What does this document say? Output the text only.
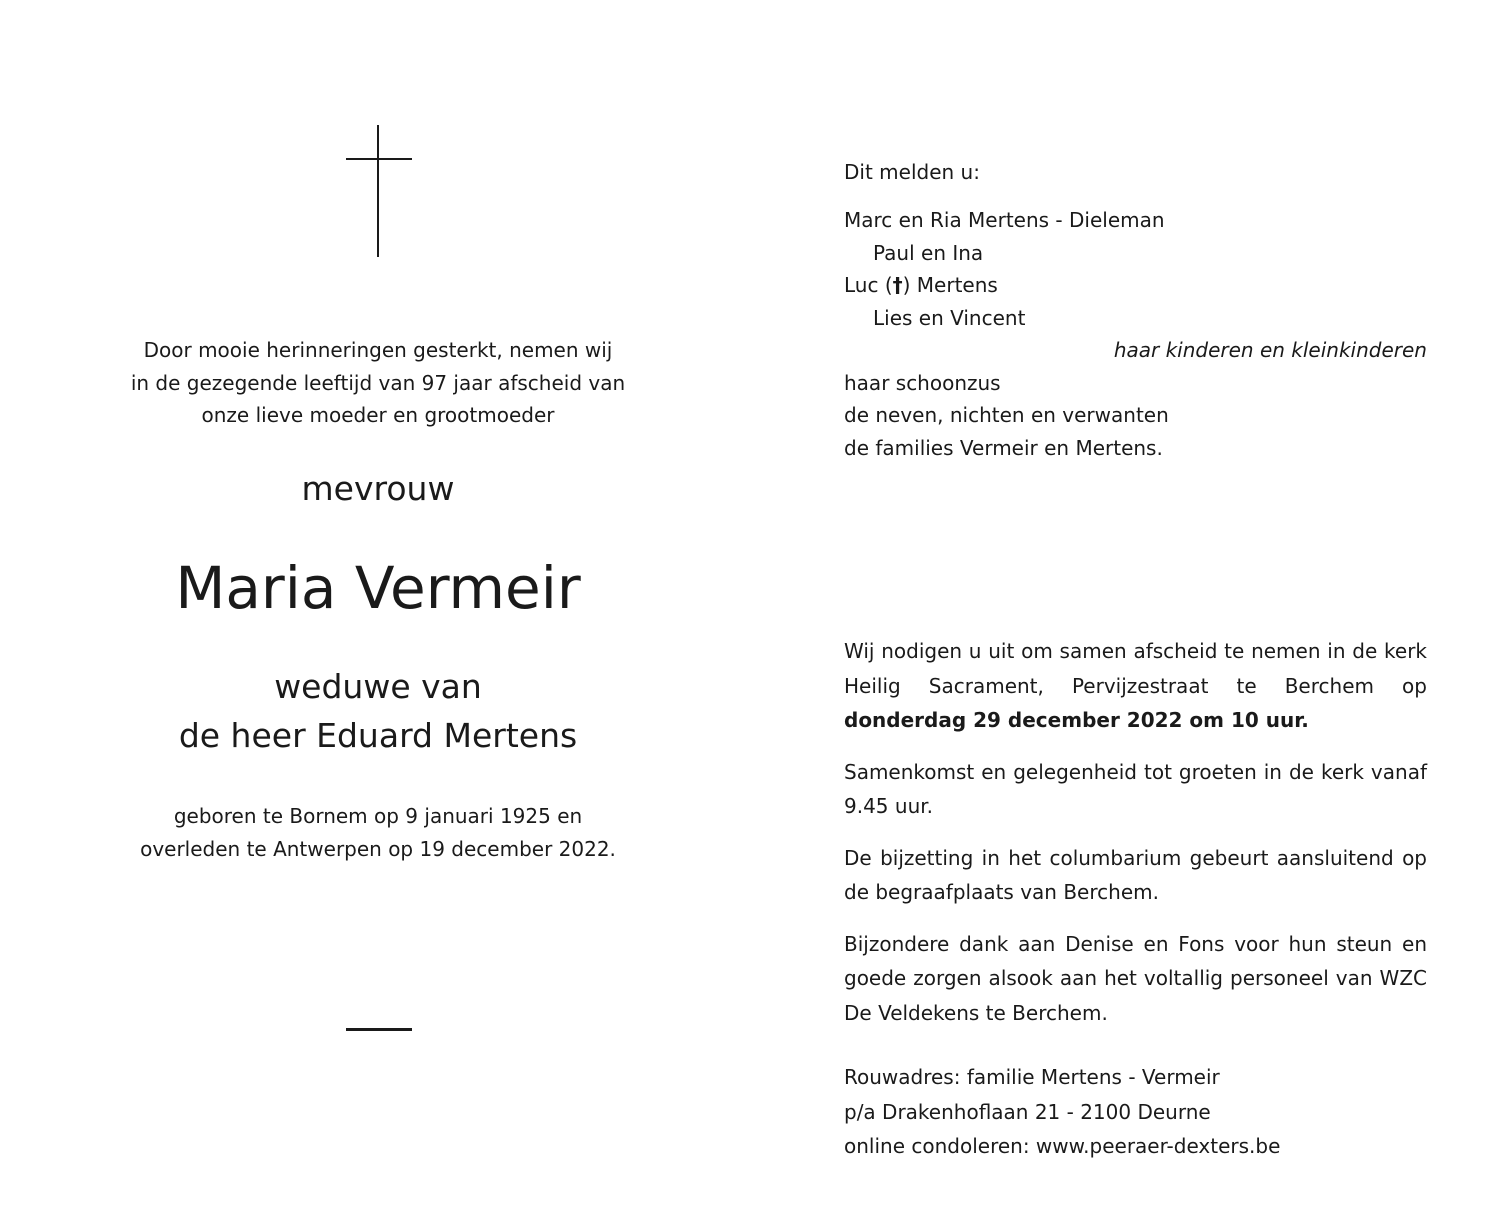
Door mooie herinneringen gesterkt, nemen wij
in de gezegende leeftijd van 97 jaar afscheid van
onze lieve moeder en grootmoeder
mevrouw
Maria Vermeir
weduwe van
de heer Eduard Mertens
geboren te Bornem op 9 januari 1925 en
overleden te Antwerpen op 19 december 2022.
Dit melden u:
Marc en Ria Mertens - Dieleman
Paul en Ina
Luc (†) Mertens
Lies en Vincent
haar kinderen en kleinkinderen
haar schoonzus
de neven, nichten en verwanten
de families Vermeir en Mertens.

Wij nodigen u uit om samen afscheid te nemen in de kerk Heilig Sacrament, Pervijzestraat te Berchem op donderdag 29 december 2022 om 10 uur.

Samenkomst en gelegenheid tot groeten in de kerk vanaf 9.45 uur.

De bijzetting in het columbarium gebeurt aansluitend op de begraafplaats van Berchem.

Bijzondere dank aan Denise en Fons voor hun steun en goede zorgen alsook aan het voltallig personeel van WZC De Veldekens te Berchem.

Rouwadres: familie Mertens - Vermeir
p/a Drakenhoflaan 21 - 2100 Deurne
online condoleren: www.peeraer-dexters.be
